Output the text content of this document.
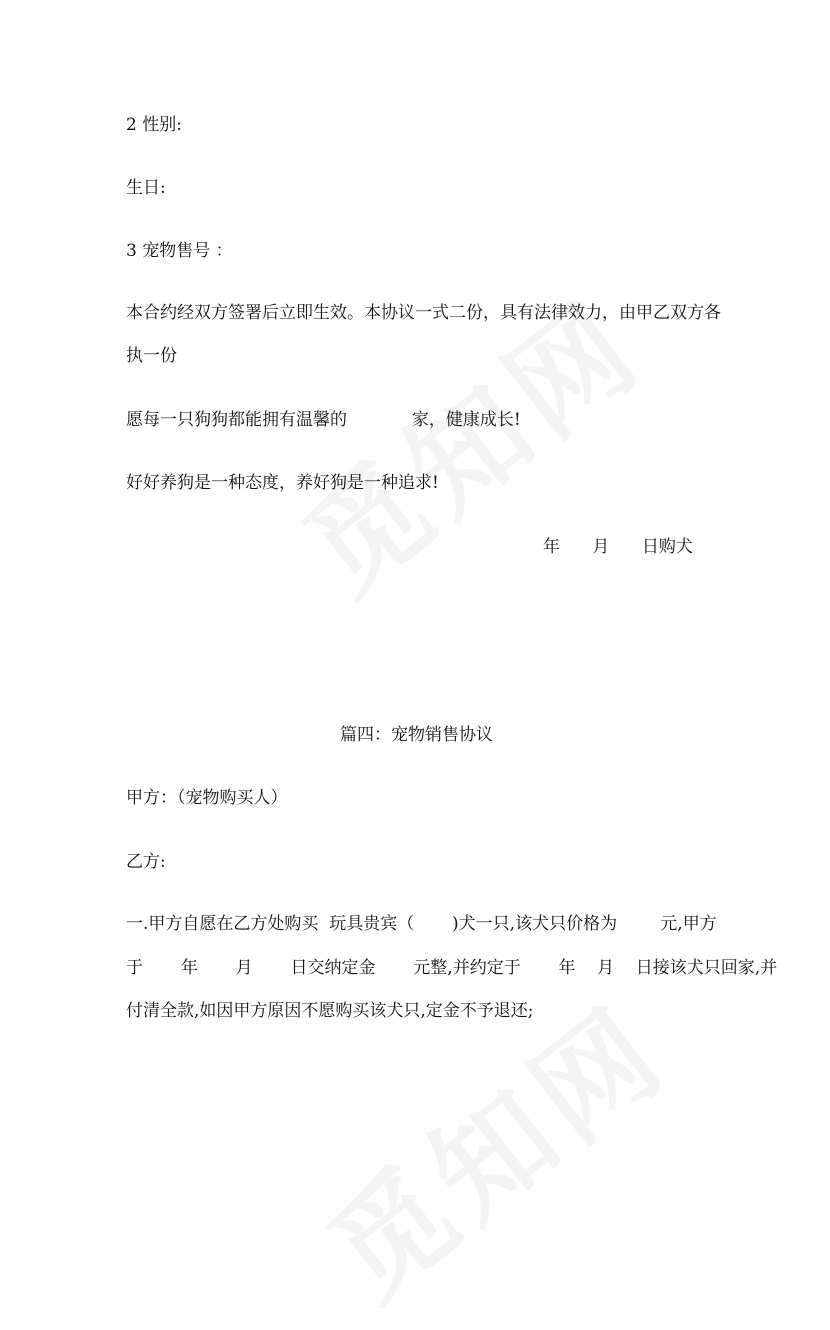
2 性别:
生日:
3 宠物售号 ：
本合约经双方签署后立即生效。本协议一式二份，具有法律效力，由甲乙双方各
执一份
愿每一只狗狗都能拥有温馨的            家，健康成长!
好好养狗是一种态度，养好狗是一种追求!
年      月      日购犬
篇四：宠物销售协议
甲方：（宠物购买人）
乙方:
一.甲方自愿在乙方处购买  玩具贵宾（       )犬一只,该犬只价格为        元,甲方
于       年       月       日交纳定金       元整,并约定于       年    月    日接该犬只回家,并
付清全款,如因甲方原因不愿购买该犬只,定金不予退还;
